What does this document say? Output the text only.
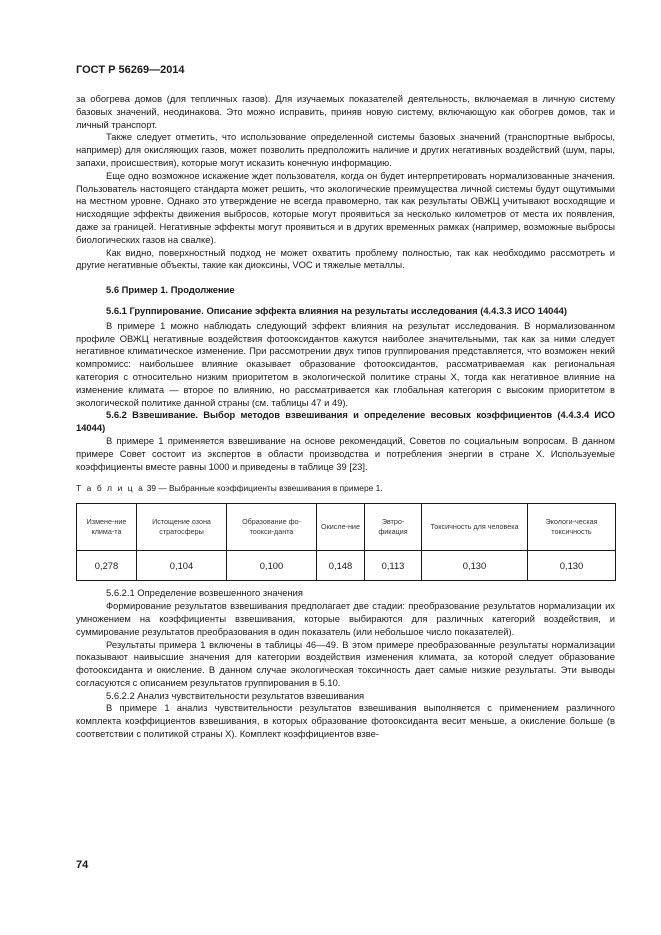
ГОСТ Р 56269—2014

за обогрева домов (для тепличных газов). Для изучаемых показателей деятельность, включаемая в личную систему базовых значений, неодинакова. Это можно исправить, приняв новую систему, включающую как обогрев домов, так и личный транспорт.

Также следует отметить, что использование определенной системы базовых значений (транспортные выбросы, например) для окисляющих газов, может позволить предположить наличие и других негативных воздействий (шум, пары, запахи, происшествия), которые могут исказить конечную информацию.

Еще одно возможное искажение ждет пользователя, когда он будет интерпретировать нормализованные значения. Пользователь настоящего стандарта может решить, что экологические преимущества личной системы будут ощутимыми на местном уровне. Однако это утверждение не всегда правомерно, так как результаты ОВЖЦ учитывают восходящие и нисходящие эффекты движения выбросов, которые могут проявиться за несколько километров от места их появления, даже за границей. Негативные эффекты могут проявиться и в других временных рамках (например, возможные выбросы биологических газов на свалке).

Как видно, поверхностный подход не может охватить проблему полностью, так как необходимо рассмотреть и другие негативные объекты, такие как диоксины, VOC и тяжелые металлы.

5.6 Пример 1. Продолжение

5.6.1 Группирование. Описание эффекта влияния на результаты исследования (4.4.3.3 ИСО 14044)

В примере 1 можно наблюдать следующий эффект влияния на результат исследования. В нормализованном профиле ОВЖЦ негативные воздействия фотооксидантов кажутся наиболее значительными, так как за ними следует негативное климатическое изменение. При рассмотрении двух типов группирования представляется, что возможен некий компромисс: наибольшее влияние оказывает образование фотооксидантов, рассматриваемая как региональная категория с относительно низким приоритетом в экологической политике страны Х, тогда как негативное влияние на изменение климата — второе по влиянию, но рассматривается как глобальная категория с высоким приоритетом в экологической политике данной страны (см. таблицы 47 и 49).

5.6.2 Взвешивание. Выбор методов взвешивания и определение весовых коэффициентов (4.4.3.4 ИСО 14044)

В примере 1 применяется взвешивание на основе рекомендаций, Советов по социальным вопросам. В данном примере Совет состоит из экспертов в области производства и потребления энергии в стране Х. Используемые коэффициенты вместе равны 1000 и приведены в таблице 39 [23].

Т а б л и ц а 39 — Выбранные коэффициенты взвешивания в примере 1.
Измене-ние клима-та	Истощение озона стратосферы	Образование фо-тоокси-данта	Окисле-ние	Эвтро-фикация	Токсичность для человека	Экологи-ческая токсичность
0,278	0,104	0,100	0,148	0,113	0,130	0,130

5.6.2.1 Определение возвешенного значения

Формирование результатов взвешивания предполагает две стадии: преобразование результатов нормализации их умножением на коэффициенты взвешивания, которые выбираются для различных категорий воздействия, и суммирование результатов преобразования в один показатель (или небольшое число показателей).

Результаты примера 1 включены в таблицы 46—49. В этом примере преобразованные результаты нормализации показывают наивысшие значения для категории воздействия изменения климата, за которой следует образование фотооксиданта и окисление. В данном случае экологическая токсичность дает самые низкие результаты. Эти выводы согласуются с описанием результатов группирования в 5.10.

5.6.2.2 Анализ чувствительности результатов взвешивания

В примере 1 анализ чувствительности результатов взвешивания выполняется с применением различного комплекта коэффициентов взвешивания, в которых образование фотооксиданта весит меньше, а окисление больше (в соответствии с политикой страны Х). Комплект коэффициентов взве-

74
